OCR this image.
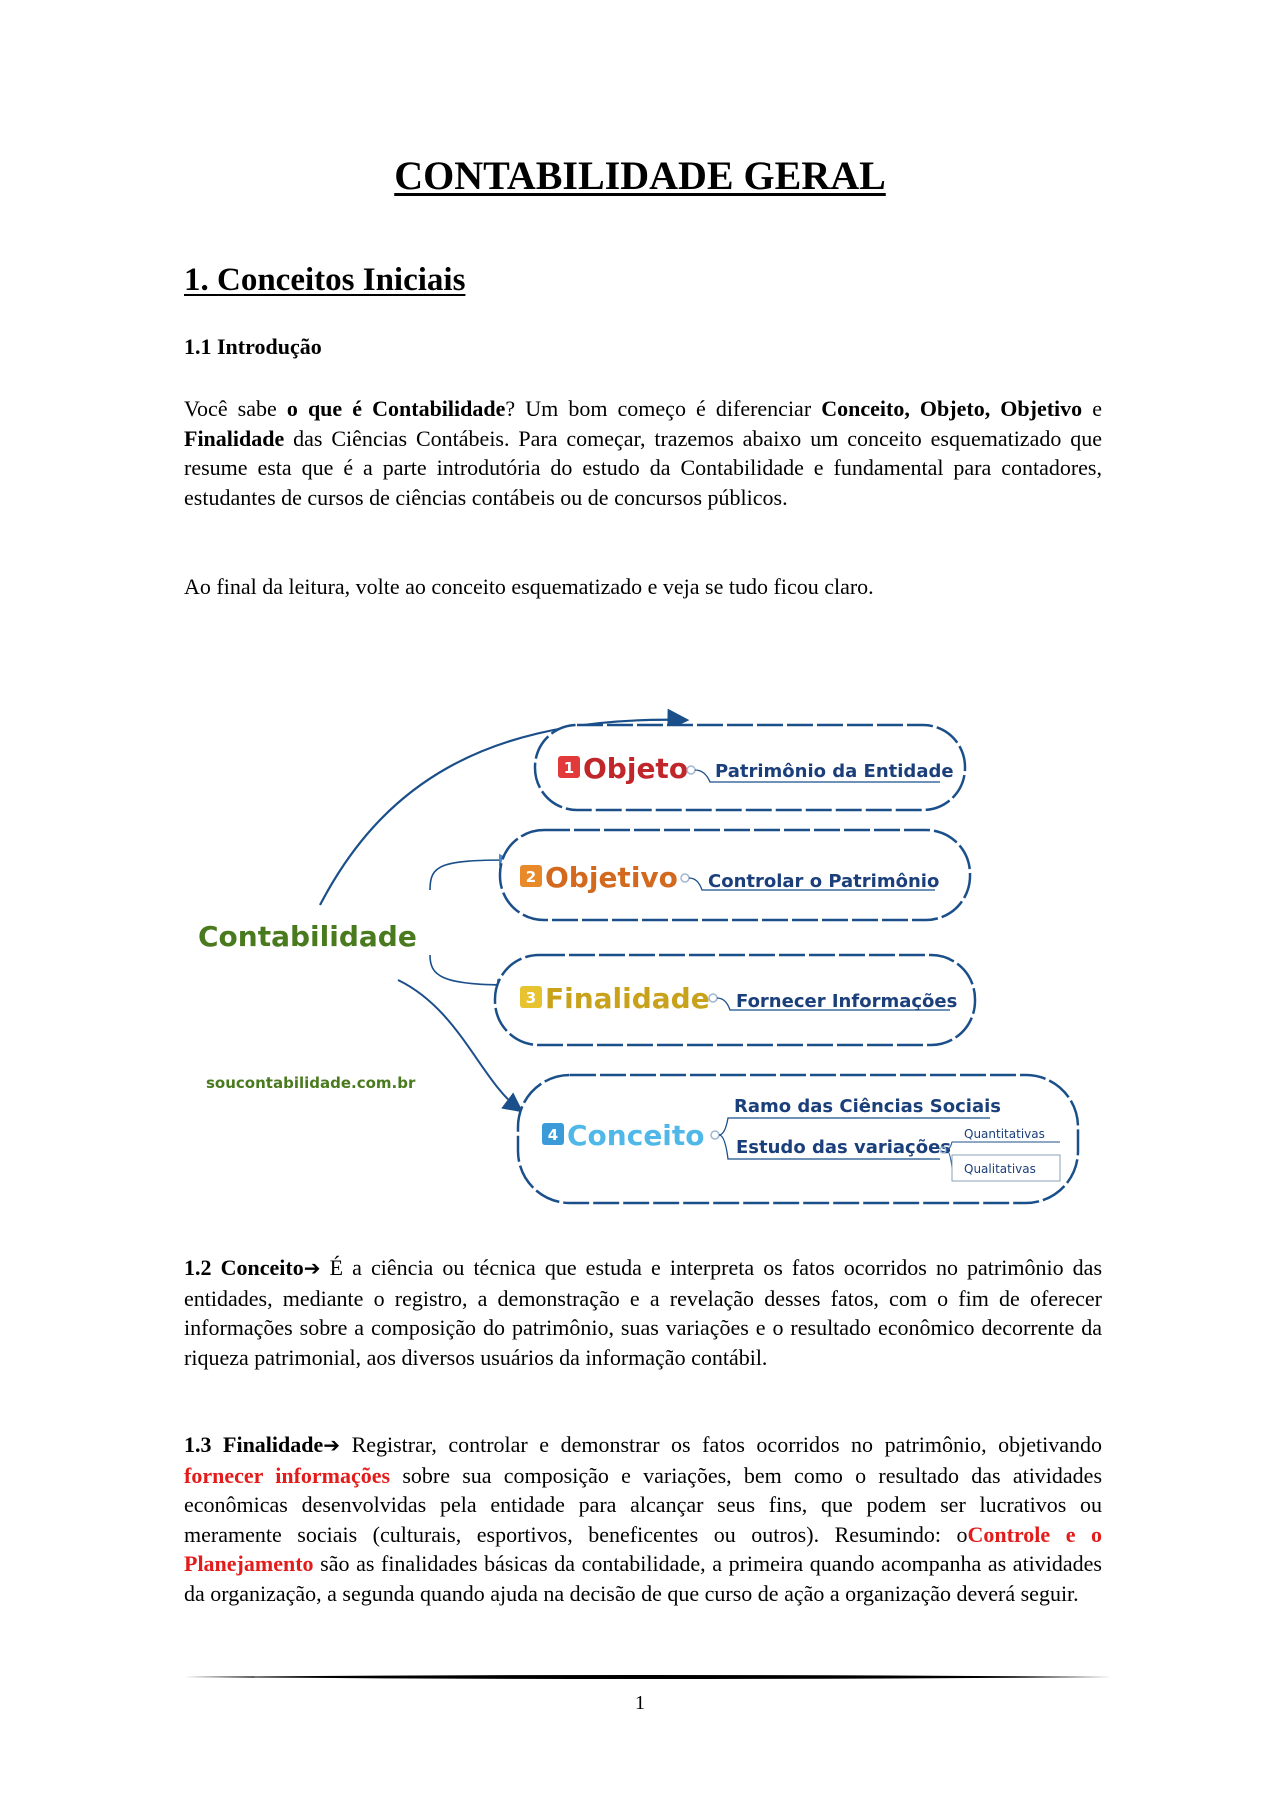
CONTABILIDADE GERAL
1. Conceitos Iniciais
1.1 Introdução

Você sabe o que é Contabilidade? Um bom começo é diferenciar Conceito, Objeto, Objetivo e Finalidade das Ciências Contábeis. Para começar, trazemos abaixo um conceito esquematizado que resume esta que é a parte introdutória do estudo da Contabilidade e fundamental para contadores, estudantes de cursos de ciências contábeis ou de concursos públicos.

Ao final da leitura, volte ao conceito esquematizado e veja se tudo ficou claro.

Contabilidade
soucontabilidade.com.br
1 Objeto Patrimônio da Entidade
2 Objetivo Controlar o Patrimônio
3 Finalidade Fornecer Informações
4 Conceito
Ramo das Ciências Sociais
Estudo das variações
Quantitativas
Qualitativas

1.2 Conceito➔ É a ciência ou técnica que estuda e interpreta os fatos ocorridos no patrimônio das entidades, mediante o registro, a demonstração e a revelação desses fatos, com o fim de oferecer informações sobre a composição do patrimônio, suas variações e o resultado econômico decorrente da riqueza patrimonial, aos diversos usuários da informação contábil.

1.3 Finalidade➔ Registrar, controlar e demonstrar os fatos ocorridos no patrimônio, objetivando fornecer informações sobre sua composição e variações, bem como o resultado das atividades econômicas desenvolvidas pela entidade para alcançar seus fins, que podem ser lucrativos ou meramente sociais (culturais, esportivos, beneficentes ou outros). Resumindo: oControle e o Planejamento são as finalidades básicas da contabilidade, a primeira quando acompanha as atividades da organização, a segunda quando ajuda na decisão de que curso de ação a organização deverá seguir.

1
